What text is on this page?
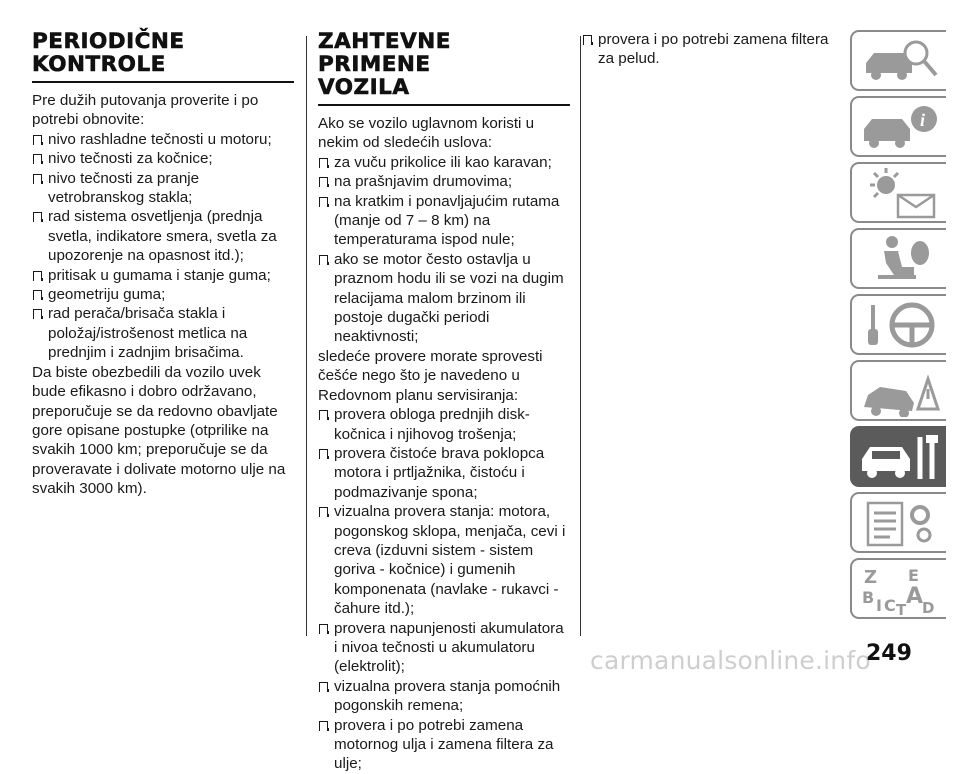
PERIODIČNE
KONTROLE

Pre dužih putovanja proverite i po potrebi obnovite:

nivo rashladne tečnosti u motoru;

nivo tečnosti za kočnice;

nivo tečnosti za pranje vetrobranskog stakla;

rad sistema osvetljenja (prednja svetla, indikatore smera, svetla za upozorenje na opasnost itd.);

pritisak u gumama i stanje guma;

geometriju guma;

rad perača/brisača stakla i položaj/istrošenost metlica na prednjim i zadnjim brisačima.

Da biste obezbedili da vozilo uvek bude efikasno i dobro održavano, preporučuje se da redovno obavljate gore opisane postupke (otprilike na svakih 1000 km; preporučuje se da proveravate i dolivate motorno ulje na svakih 3000 km).

ZAHTEVNE PRIMENE
VOZILA

Ako se vozilo uglavnom koristi u nekim od sledećih uslova:

za vuču prikolice ili kao karavan;

na prašnjavim drumovima;

na kratkim i ponavljajućim rutama (manje od 7 – 8 km) na temperaturama ispod nule;

ako se motor često ostavlja u praznom hodu ili se vozi na dugim relacijama malom brzinom ili postoje dugački periodi neaktivnosti;

sledeće provere morate sprovesti češće nego što je navedeno u Redovnom planu servisiranja:

provera obloga prednjih disk-kočnica i njihovog trošenja;

provera čistoće brava poklopca motora i prtljažnika, čistoću i podmazivanje spona;

vizualna provera stanja: motora, pogonskog sklopa, menjača, cevi i creva (izduvni sistem - sistem goriva - kočnice) i gumenih komponenata (navlake - rukavci - čahure itd.);

provera napunjenosti akumulatora i nivoa tečnosti u akumulatoru (elektrolit);

vizualna provera stanja pomoćnih pogonskih remena;

provera i po potrebi zamena motornog ulja i zamena filtera za ulje;

provera i po potrebi zamena filtera za pelud.

i
Z E
B A
C T D
I
carmanualsonline.info
249
